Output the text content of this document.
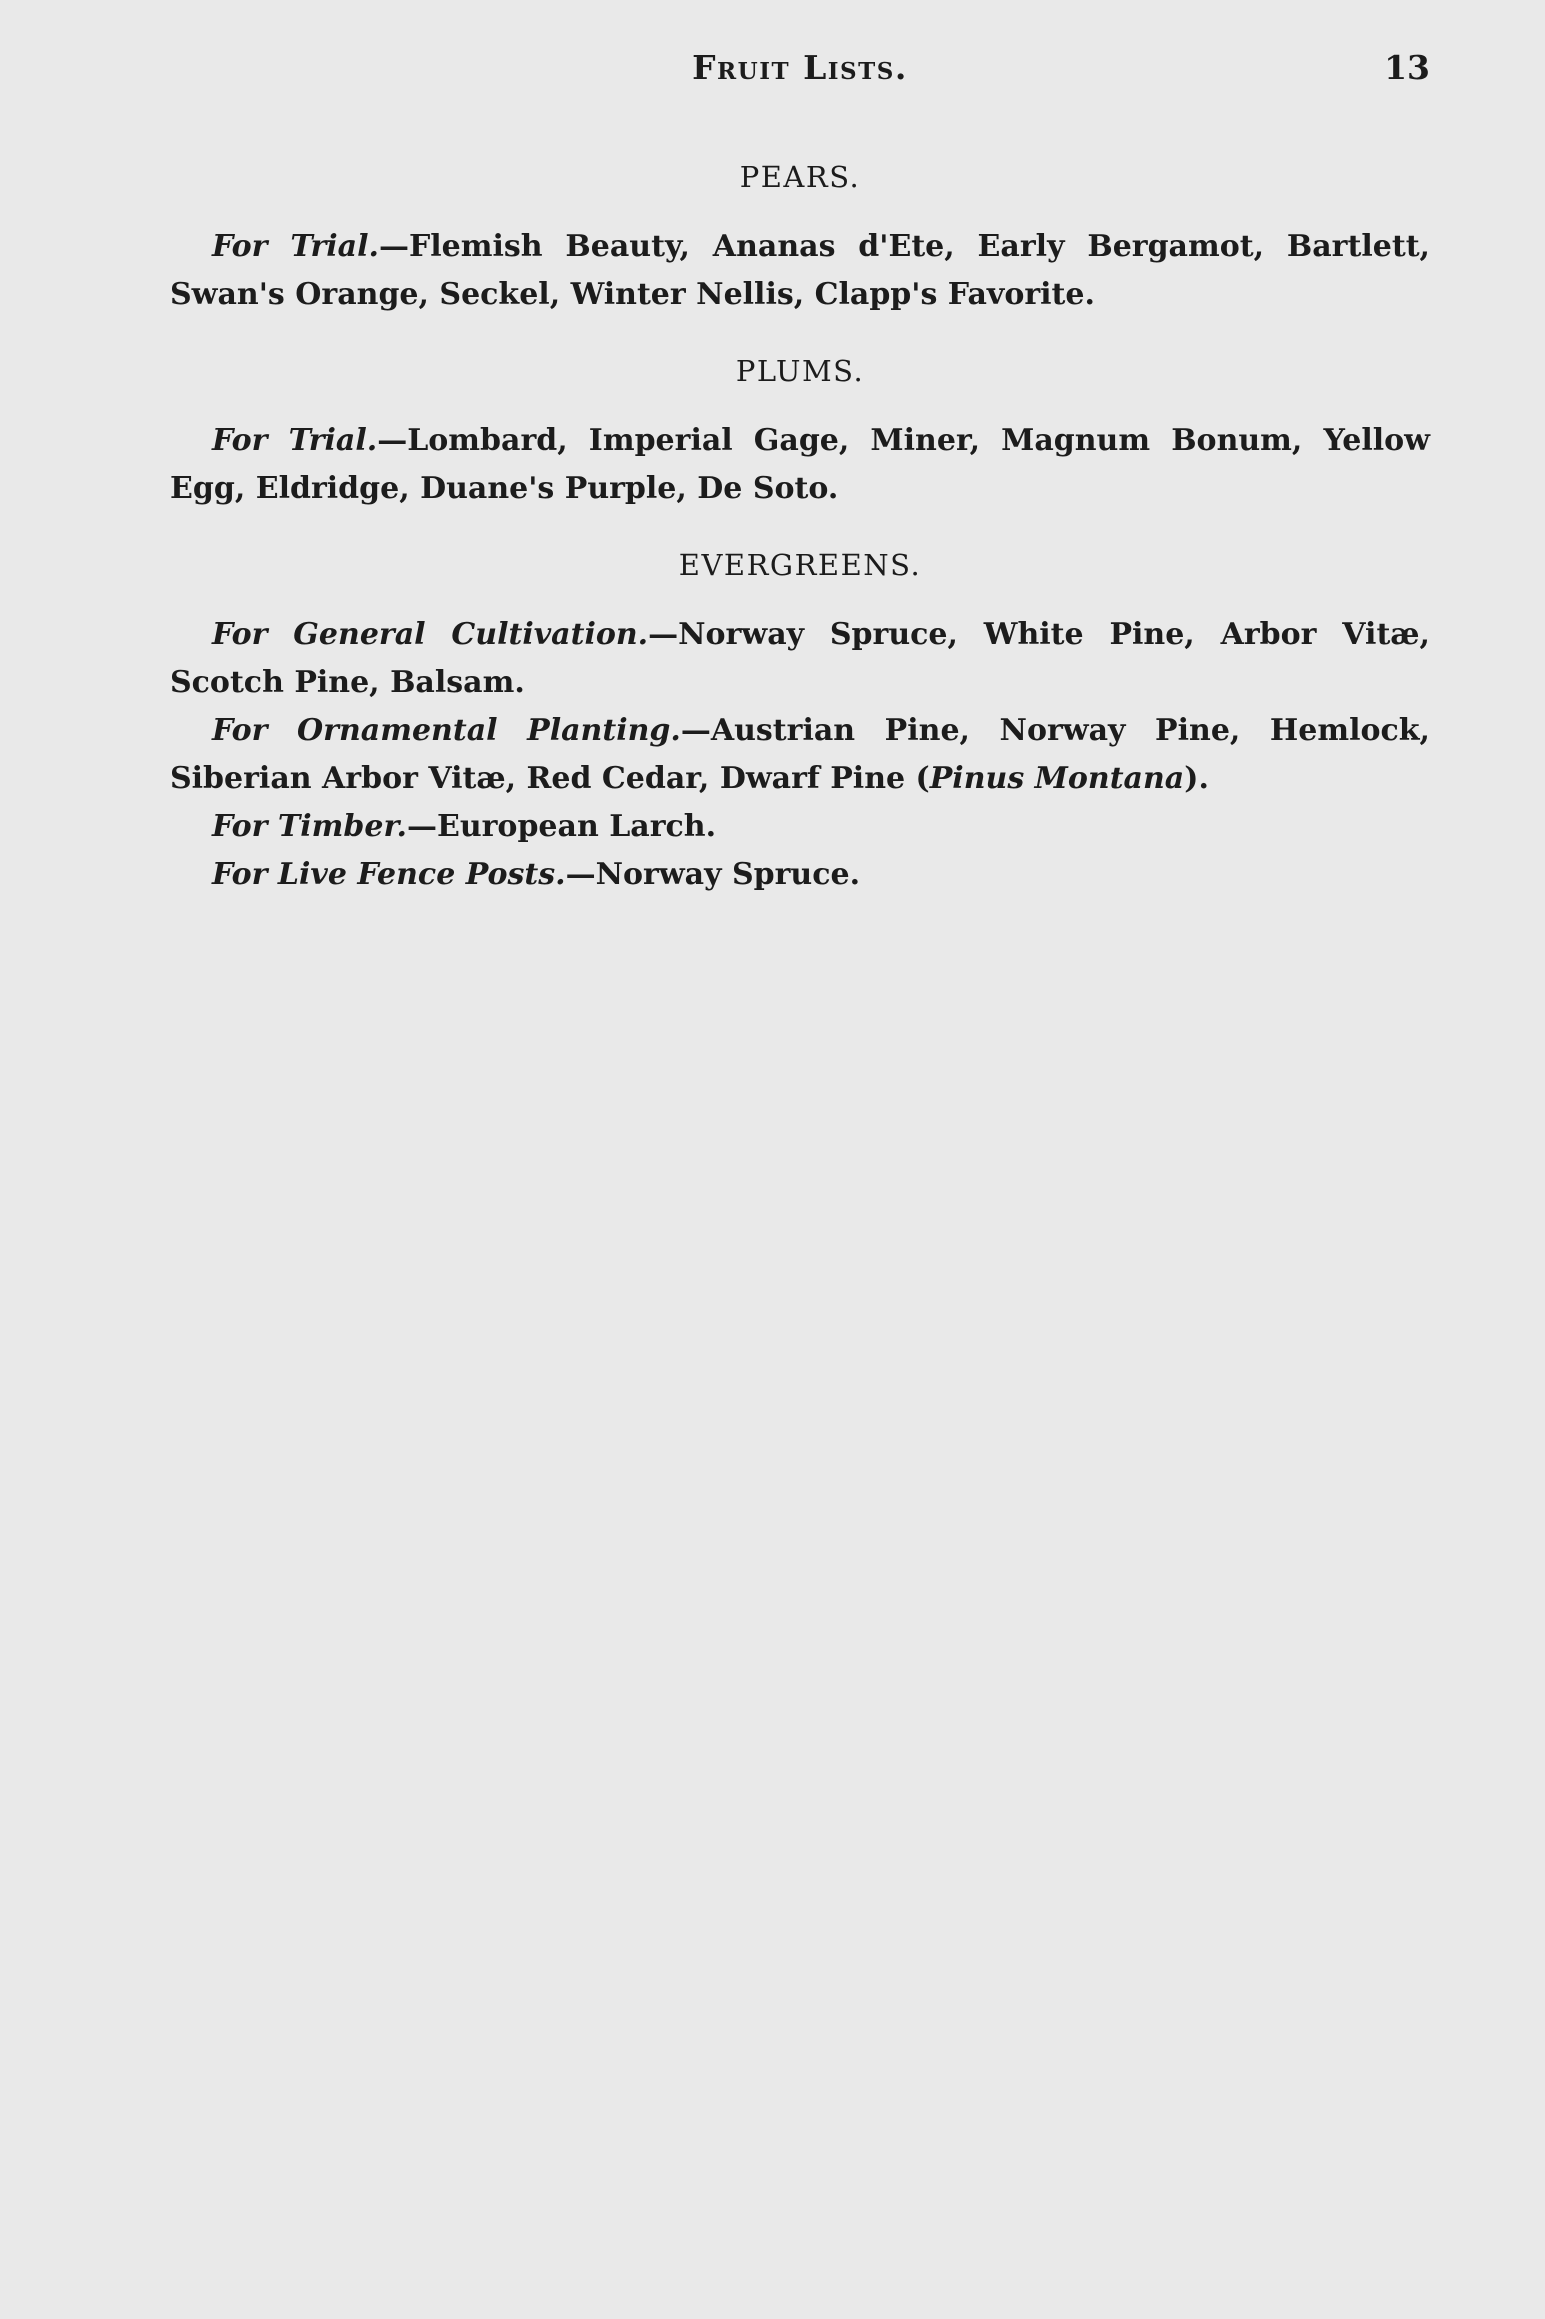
Fruit Lists.	13
PEARS.

For Trial.—Flemish Beauty, Ananas d'Ete, Early Bergamot, Bartlett, Swan's Orange, Seckel, Winter Nellis, Clapp's Favorite.

PLUMS.

For Trial.—Lombard, Imperial Gage, Miner, Magnum Bonum, Yellow Egg, Eldridge, Duane's Purple, De Soto.

EVERGREENS.

For General Cultivation.—Norway Spruce, White Pine, Arbor Vitæ, Scotch Pine, Balsam.

For Ornamental Planting.—Austrian Pine, Norway Pine, Hemlock, Siberian Arbor Vitæ, Red Cedar, Dwarf Pine (Pinus Montana).

For Timber.—European Larch.

For Live Fence Posts.—Norway Spruce.
